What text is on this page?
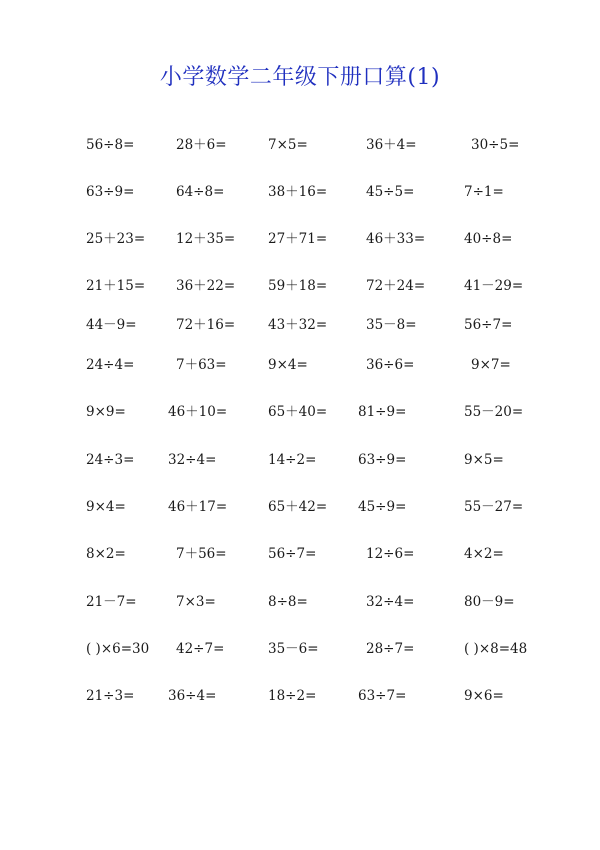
小学数学二年级下册口算(1)
56÷8=	28＋6=	7×5=	36＋4=	30÷5=
63÷9=	64÷8=	38＋16=	45÷5=	7÷1=
25＋23= 12＋35= 27＋71=	46＋33=	40÷8=
21＋15= 36＋22= 59＋18=	72＋24=	41－29=
44－9=	72＋16= 43＋32=	35－8=	56÷7=
24÷4=	7＋63=	9×4=	36÷6=	9×7=
9×9=	46＋10=	65＋40= 81÷9=	55－20=
24÷3= 32÷4=	14÷2=	63÷9=	9×5=
9×4=	46＋17=	65＋42= 45÷9=	55－27=
8×2=	7＋56=	56÷7=	12÷6=	4×2=
21－7=	7×3=	8÷8=	32÷4=	80－9=
( )×6=30 42÷7=	35－6=	28÷7=	( )×8=48
21÷3= 36÷4=	18÷2=	63÷7=	9×6=
